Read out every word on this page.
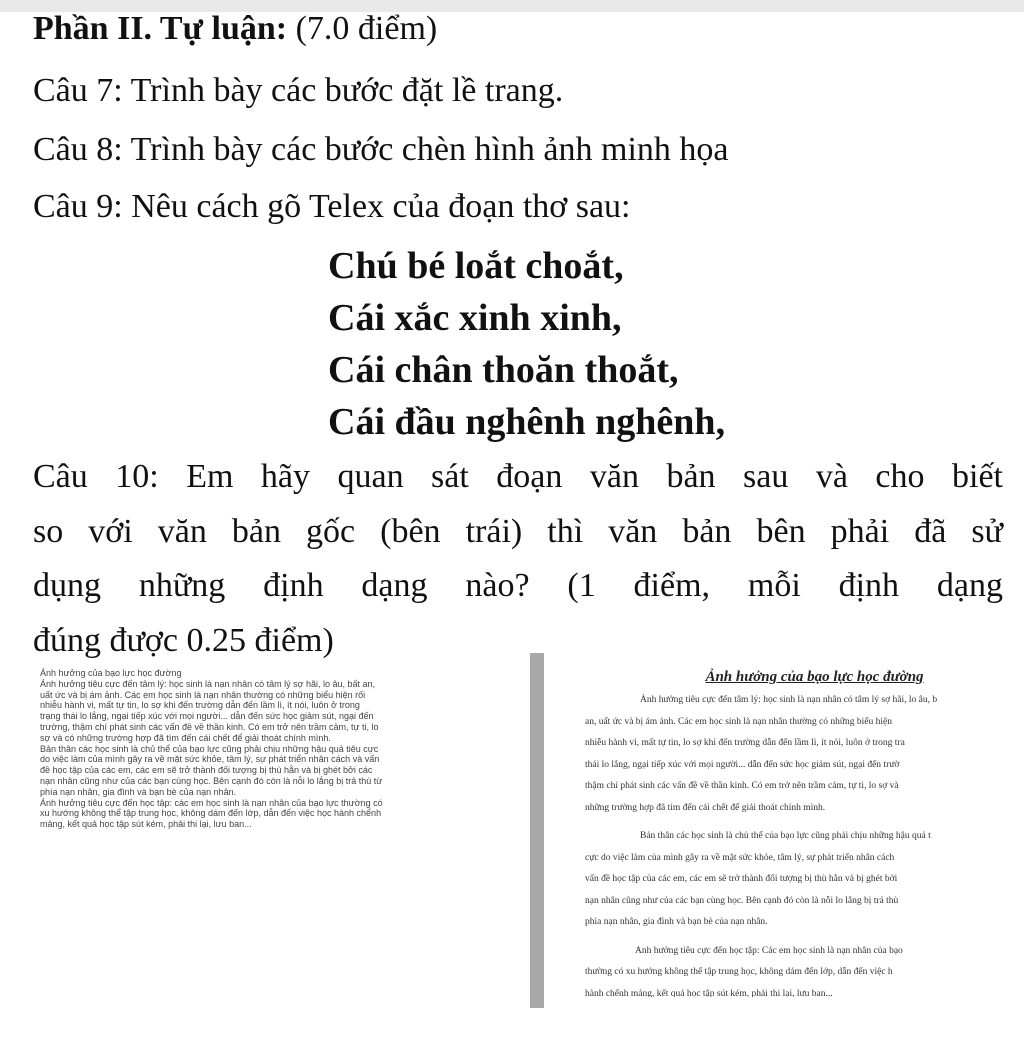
Phần II. Tự luận: (7.0 điểm)
Câu 7: Trình bày các bước đặt lề trang.
Câu 8: Trình bày các bước chèn hình ảnh minh họa
Câu 9: Nêu cách gõ Telex của đoạn thơ sau:
Chú bé loắt choắt,
Cái xắc xinh xinh,
Cái chân thoăn thoắt,
Cái đầu nghênh nghênh,
Câu 10: Em hãy quan sát đoạn văn bản sau và cho biết
so với văn bản gốc (bên trái) thì văn bản bên phải đã sử
dụng những định dạng nào? (1 điểm, mỗi định dạng
đúng được 0.25 điểm)
Ảnh hưởng của bạo lực học đường
Ảnh hưởng tiêu cực đến tâm lý: học sinh là nạn nhân có tâm lý sợ hãi, lo âu, bất an,
uất ức và bị ám ảnh. Các em học sinh là nạn nhân thường có những biểu hiện rối
nhiễu hành vi, mất tự tin, lo sợ khi đến trường dẫn đến lầm lì, ít nói, luôn ở trong
trạng thái lo lắng, ngại tiếp xúc với mọi người... dẫn đến sức học giảm sút, ngại đến
trường, thậm chí phát sinh các vấn đề về thần kinh. Có em trở nên trầm cảm, tự ti, lo
sợ và có những trường hợp đã tìm đến cái chết để giải thoát chính mình.
Bản thân các học sinh là chủ thể của bạo lực cũng phải chịu những hậu quả tiêu cực
do việc làm của mình gây ra về mặt sức khỏe, tâm lý, sự phát triển nhân cách và vấn
đề học tập của các em, các em sẽ trở thành đối tượng bị thù hằn và bị ghét bởi các
nạn nhân cũng như của các bạn cùng học. Bên cạnh đó còn là nỗi lo lắng bị trả thù từ
phía nạn nhân, gia đình và bạn bè của nạn nhân.
Ảnh hưởng tiêu cực đến học tập: các em học sinh là nạn nhân của bạo lực thường có
xu hướng không thể tập trung học, không dám đến lớp, dẫn đến việc học hành chểnh
mảng, kết quả học tập sút kém, phải thi lại, lưu ban...
Ảnh hưởng của bạo lực học đường
Ảnh hưởng tiêu cực đến tâm lý: học sinh là nạn nhân có tâm lý sợ hãi, lo âu, b
an, uất ức và bị ám ảnh. Các em học sinh là nạn nhân thường có những biểu hiện
nhiễu hành vi, mất tự tin, lo sợ khi đến trường dẫn đến lầm lì, ít nói, luôn ở trong tra
thái lo lắng, ngại tiếp xúc với mọi người... dẫn đến sức học giảm sút, ngại đến trườ
thậm chí phát sinh các vấn đề về thần kinh. Có em trở nên trầm cảm, tự ti, lo sợ và
những trường hợp đã tìm đến cái chết để giải thoát chính mình.
Bản thân các học sinh là chủ thể của bạo lực cũng phải chịu những hậu quả t
cực do việc làm của mình gây ra về mặt sức khỏe, tâm lý, sự phát triển nhân cách
vấn đề học tập của các em, các em sẽ trở thành đối tượng bị thù hằn và bị ghét bởi
nạn nhân cũng như của các bạn cùng học. Bên cạnh đó còn là nỗi lo lắng bị trả thù
phía nạn nhân, gia đình và bạn bè của nạn nhân.
Anh hưởng tiêu cực đến học tập: Các em học sinh là nạn nhân của bạo
thường có xu hướng không thể tập trung học, không dám đến lớp, dẫn đến việc h
hành chểnh mảng, kết quả học tập sút kém, phải thi lại, lưu ban...
